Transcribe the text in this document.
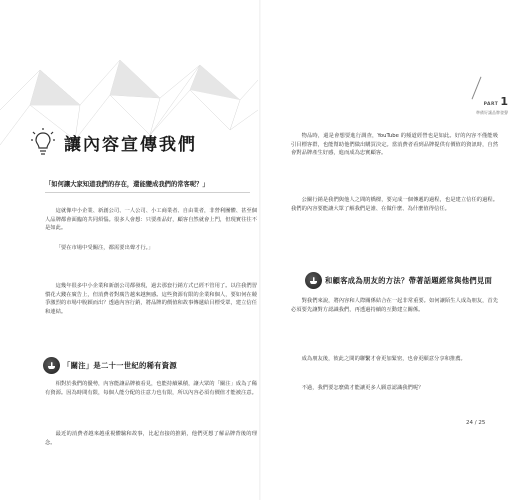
讓內容宣傳我們
「如何讓大家知道我們的存在，還能變成我們的常客呢？」
這就像中小企業、新創公司、一人公司、小工商業者、自由業者，非營利團體、甚至個人品牌都會面臨的共同煩惱。很多人會想：只要產品好，顧客自然就會上門，但現實往往不是如此。
「要在市場中受關注，都需要出聲才行。」
這幾年很多中小企業和新創公司都發現，過去那套行銷方式已經不管用了。以往我們習慣花大錢在廣告上，但消費者對廣告越來越無感。這些資源有限的企業和個人，要如何在競爭激烈的市場中脫穎而出？透過內容行銷，將品牌的價值和故事傳遞給目標受眾，建立信任和連結。
「關注」是二十一世紀的稀有資源
相對於我們的優勢，內容能讓品牌被看見，也能持續累積，讓大眾的「關注」成為了稀有資源。因為時間有限，每個人能分配的注意力也有限，所以內容必須有價值才能被注意。
最近的消費者越來越重視體驗和故事，比起直接的推銷，他們更想了解品牌背後的理念。
PART 1
準備好讓品牌發聲
物品時，還是會想要進行調查，YouTube 的頻道經營也是如此。好的內容不僅能吸引目標客群，也能幫助他們做出購買決定。當消費者看到品牌提供有價值的資訊時，自然會對品牌產生好感，進而成為忠實顧客。
公關行銷是我們與他人之間的橋樑，要完成一個傳遞的過程，也是建立信任的過程。我們的內容要能讓大眾了解我們是誰、在做什麼、為什麼值得信任。
和顧客成為朋友的方法？帶著話題經常與他們見面
對我們來說，將內容和人際關係結合在一起非常重要。如何讓陌生人成為朋友，首先必須要先讓對方認識我們，再透過持續的互動建立關係。
成為朋友後，彼此之間的聯繫才會更加緊密，也會更願意分享和推薦。
不過，我們要怎麼做才能讓更多人願意認識我們呢？
24 / 25
